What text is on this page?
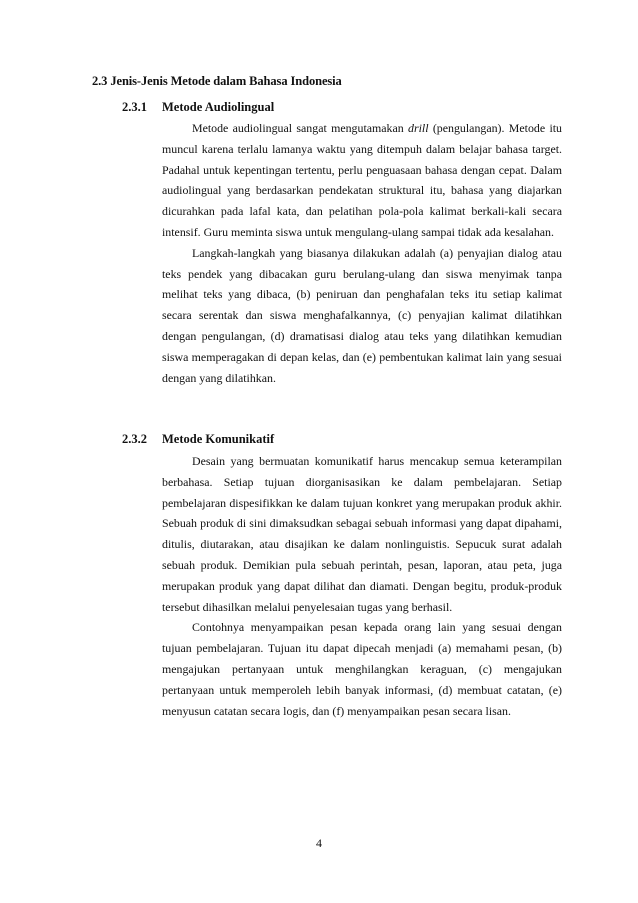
2.3 Jenis-Jenis Metode dalam Bahasa Indonesia
2.3.1	Metode Audiolingual

Metode audiolingual sangat mengutamakan drill (pengulangan). Metode itu muncul karena terlalu lamanya waktu yang ditempuh dalam belajar bahasa target. Padahal untuk kepentingan tertentu, perlu penguasaan bahasa dengan cepat. Dalam audiolingual yang berdasarkan pendekatan struktural itu, bahasa yang diajarkan dicurahkan pada lafal kata, dan pelatihan pola-pola kalimat berkali-kali secara intensif. Guru meminta siswa untuk mengulang-ulang sampai tidak ada kesalahan.

Langkah-langkah yang biasanya dilakukan adalah (a) penyajian dialog atau teks pendek yang dibacakan guru berulang-ulang dan siswa menyimak tanpa melihat teks yang dibaca, (b) peniruan dan penghafalan teks itu setiap kalimat secara serentak dan siswa menghafalkannya, (c) penyajian kalimat dilatihkan dengan pengulangan, (d) dramatisasi dialog atau teks yang dilatihkan kemudian siswa memperagakan di depan kelas, dan (e) pembentukan kalimat lain yang sesuai dengan yang dilatihkan.

2.3.2	Metode Komunikatif

Desain yang bermuatan komunikatif harus mencakup semua keterampilan berbahasa. Setiap tujuan diorganisasikan ke dalam pembelajaran. Setiap pembelajaran dispesifikkan ke dalam tujuan konkret yang merupakan produk akhir. Sebuah produk di sini dimaksudkan sebagai sebuah informasi yang dapat dipahami, ditulis, diutarakan, atau disajikan ke dalam nonlinguistis. Sepucuk surat adalah sebuah produk. Demikian pula sebuah perintah, pesan, laporan, atau peta, juga merupakan produk yang dapat dilihat dan diamati. Dengan begitu, produk-produk tersebut dihasilkan melalui penyelesaian tugas yang berhasil.

Contohnya menyampaikan pesan kepada orang lain yang sesuai dengan tujuan pembelajaran. Tujuan itu dapat dipecah menjadi (a) memahami pesan, (b) mengajukan pertanyaan untuk menghilangkan keraguan, (c) mengajukan pertanyaan untuk memperoleh lebih banyak informasi, (d) membuat catatan, (e) menyusun catatan secara logis, dan (f) menyampaikan pesan secara lisan.

4
